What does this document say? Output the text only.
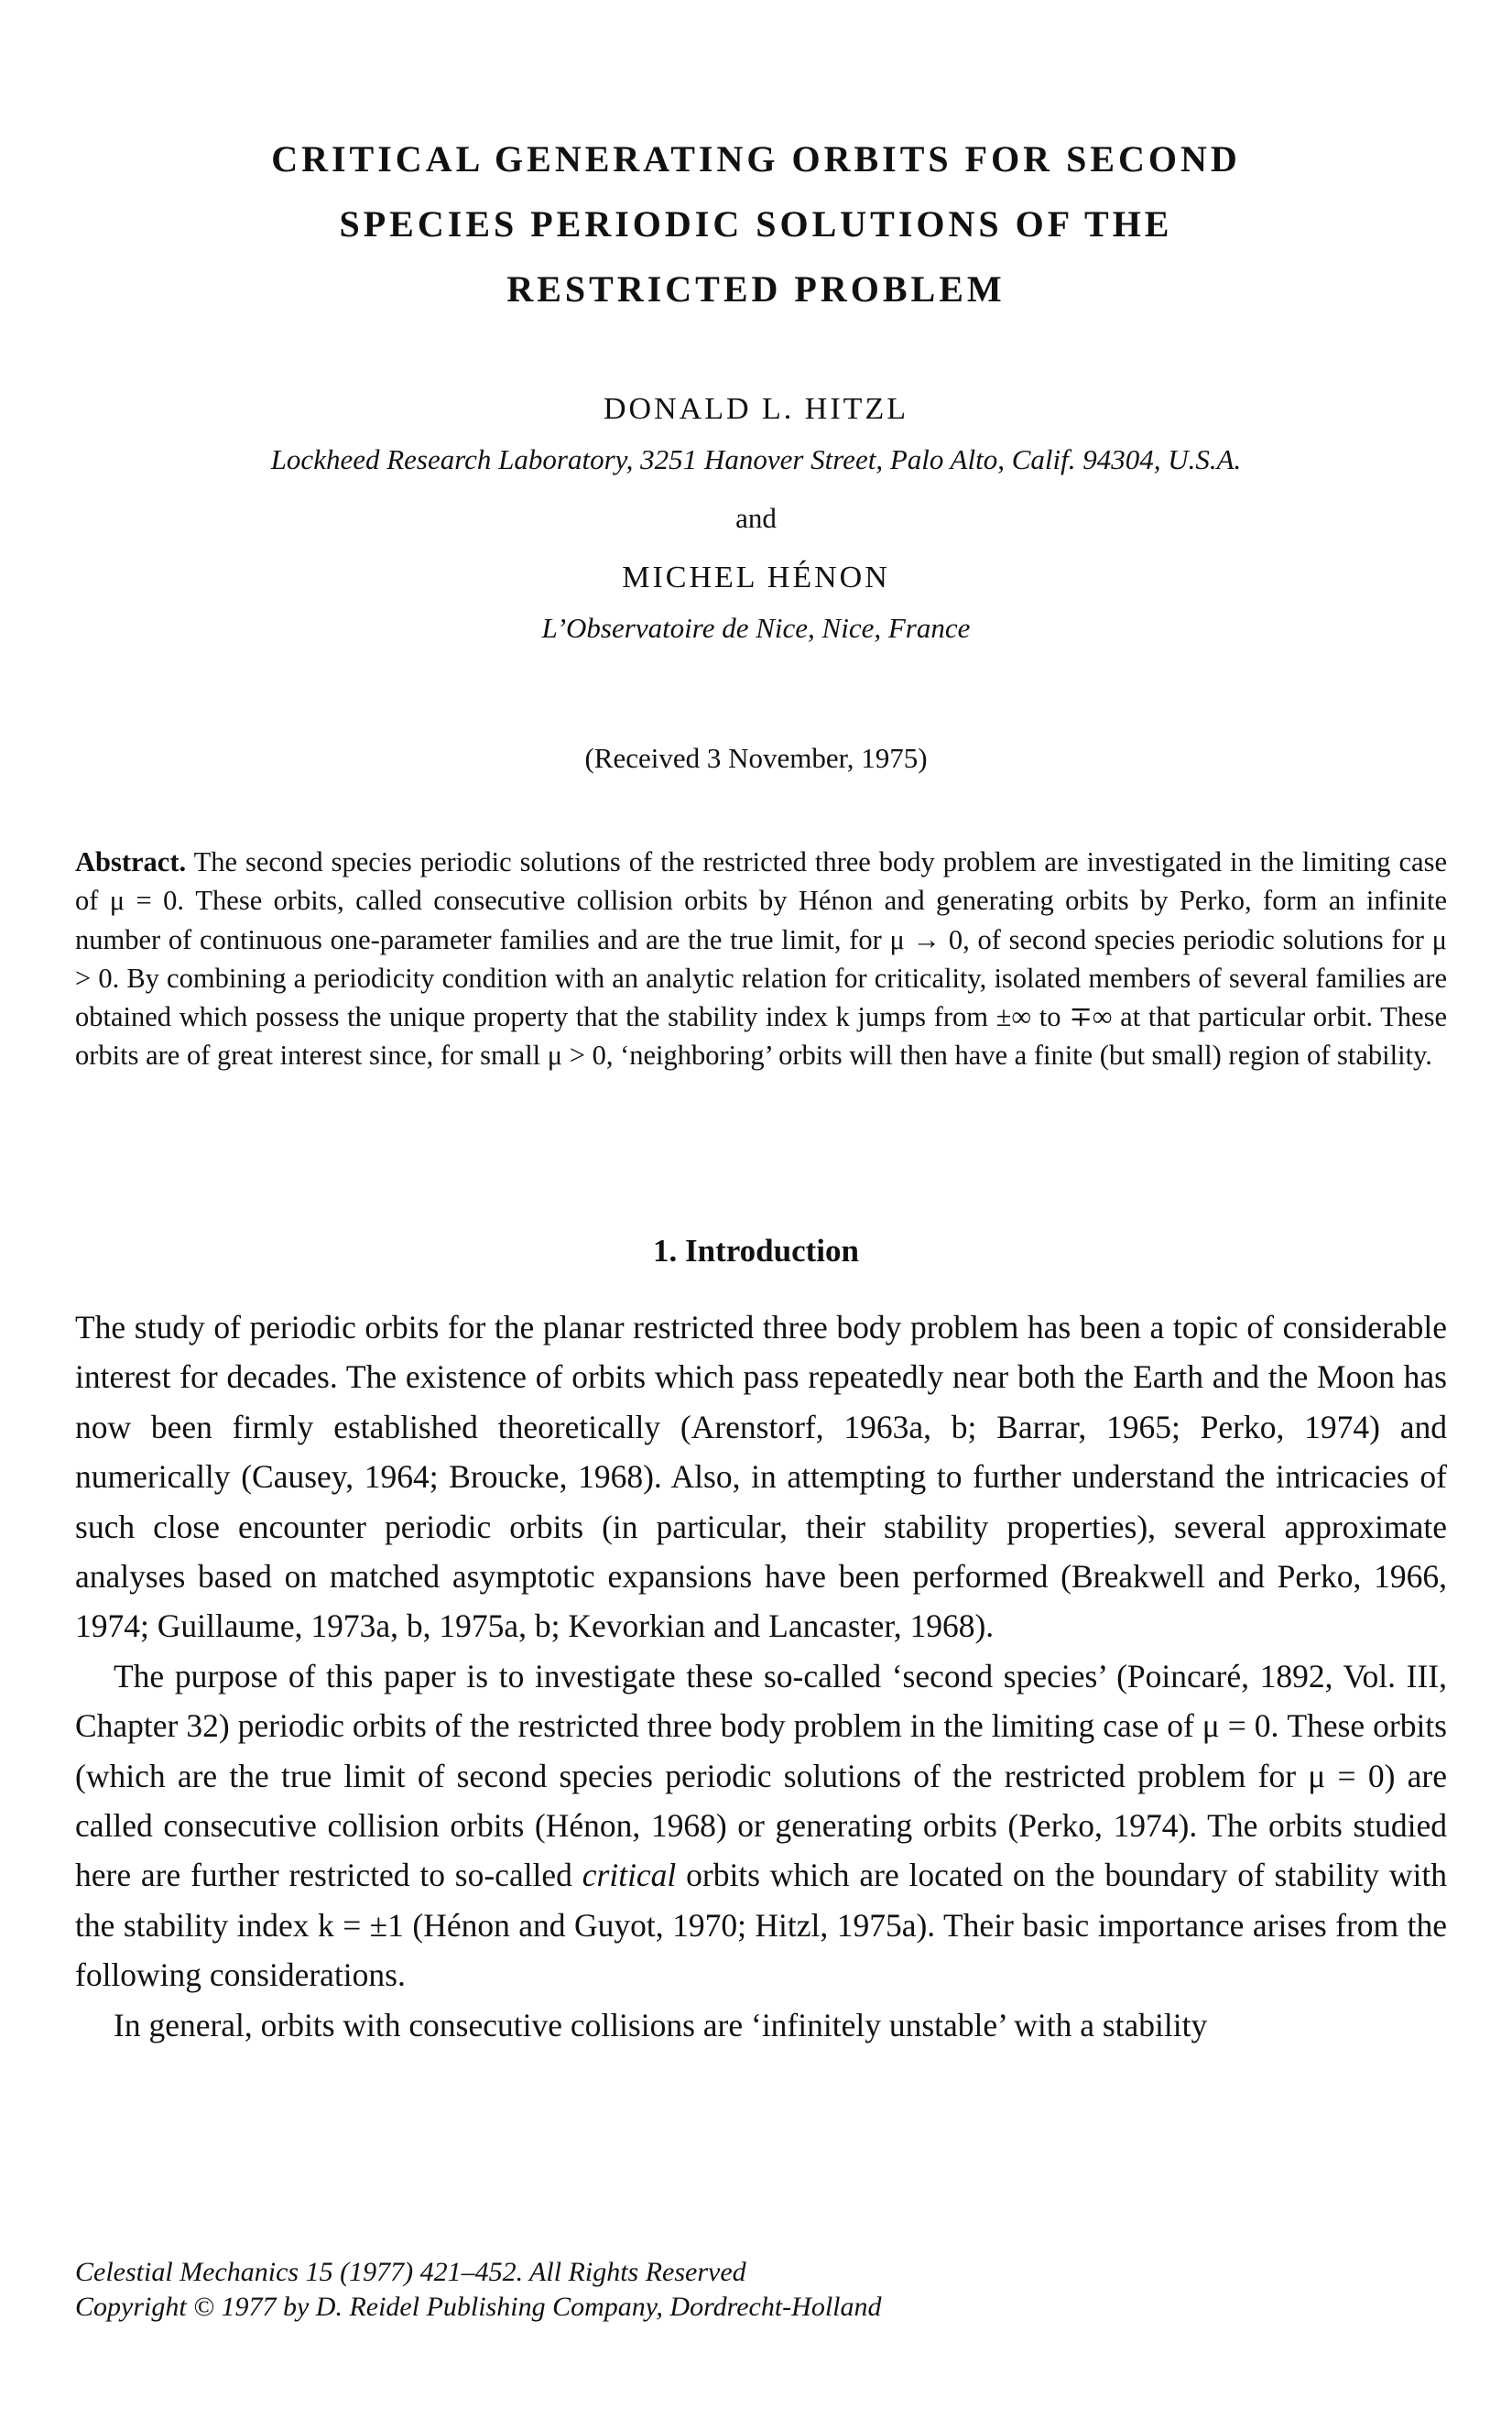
CRITICAL GENERATING ORBITS FOR SECOND
SPECIES PERIODIC SOLUTIONS OF THE
RESTRICTED PROBLEM
DONALD L. HITZL
Lockheed Research Laboratory, 3251 Hanover Street, Palo Alto, Calif. 94304, U.S.A.
and
MICHEL HÉNON
L’Observatoire de Nice, Nice, France
(Received 3 November, 1975)
Abstract. The second species periodic solutions of the restricted three body problem are investigated in the limiting case of μ = 0. These orbits, called consecutive collision orbits by Hénon and generating orbits by Perko, form an infinite number of continuous one-parameter families and are the true limit, for μ → 0, of second species periodic solutions for μ > 0. By combining a periodicity condition with an analytic relation for criticality, isolated members of several families are obtained which possess the unique property that the stability index k jumps from ±∞ to ∓∞ at that particular orbit. These orbits are of great interest since, for small μ > 0, ‘neighboring’ orbits will then have a finite (but small) region of stability.
1. Introduction

The study of periodic orbits for the planar restricted three body problem has been a topic of considerable interest for decades. The existence of orbits which pass repeatedly near both the Earth and the Moon has now been firmly established theoretically (Arenstorf, 1963a, b; Barrar, 1965; Perko, 1974) and numerically (Causey, 1964; Broucke, 1968). Also, in attempting to further understand the intricacies of such close encounter periodic orbits (in particular, their stability properties), several approximate analyses based on matched asymptotic expansions have been performed (Breakwell and Perko, 1966, 1974; Guillaume, 1973a, b, 1975a, b; Kevorkian and Lancaster, 1968).

The purpose of this paper is to investigate these so-called ‘second species’ (Poincaré, 1892, Vol. III, Chapter 32) periodic orbits of the restricted three body problem in the limiting case of μ = 0. These orbits (which are the true limit of second species periodic solutions of the restricted problem for μ = 0) are called consecutive collision orbits (Hénon, 1968) or generating orbits (Perko, 1974). The orbits studied here are further restricted to so-called critical orbits which are located on the boundary of stability with the stability index k = ±1 (Hénon and Guyot, 1970; Hitzl, 1975a). Their basic importance arises from the following considerations.

In general, orbits with consecutive collisions are ‘infinitely unstable’ with a stability

Celestial Mechanics 15 (1977) 421–452. All Rights Reserved
Copyright © 1977 by D. Reidel Publishing Company, Dordrecht-Holland
